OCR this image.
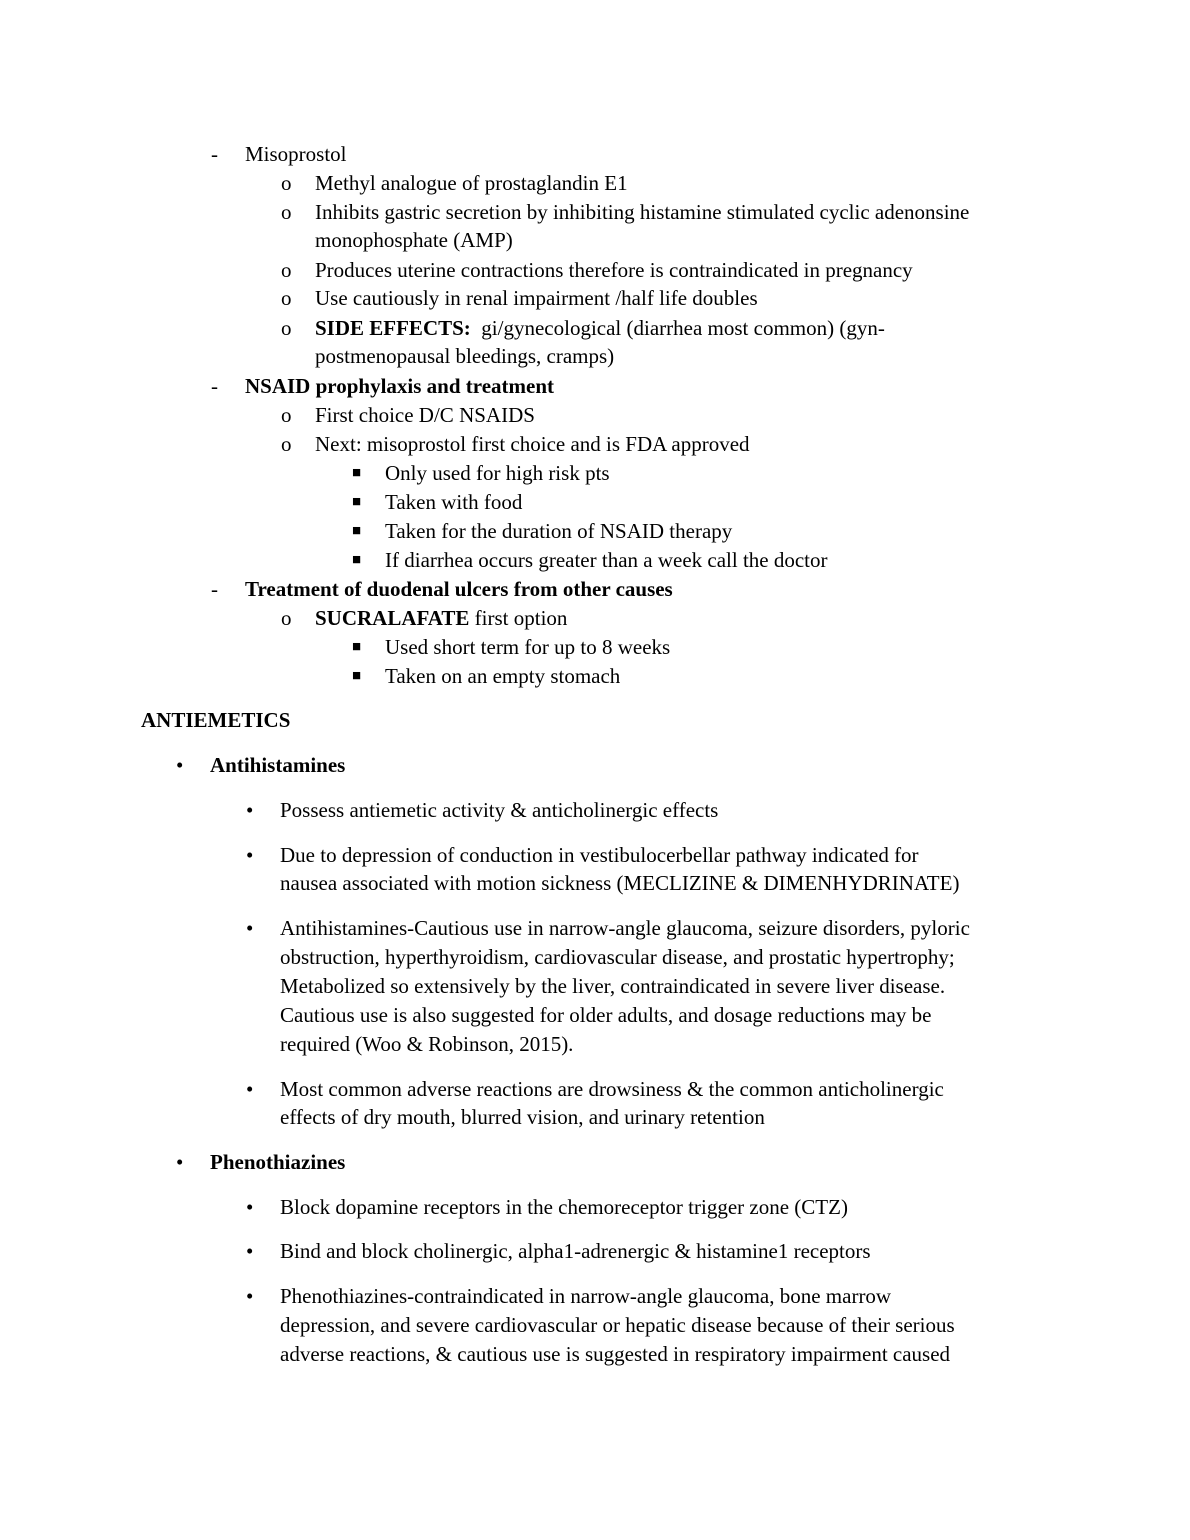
- Misoprostol
o Methyl analogue of prostaglandin E1
o Inhibits gastric secretion by inhibiting histamine stimulated cyclic adenonsine
monophosphate (AMP)
o Produces uterine contractions therefore is contraindicated in pregnancy
o Use cautiously in renal impairment /half life doubles
o SIDE EFFECTS: gi/gynecological (diarrhea most common) (gyn-
postmenopausal bleedings, cramps)
- NSAID prophylaxis and treatment
o First choice D/C NSAIDS
o Next: misoprostol first choice and is FDA approved
■ Only used for high risk pts
■ Taken with food
■ Taken for the duration of NSAID therapy
■ If diarrhea occurs greater than a week call the doctor
- Treatment of duodenal ulcers from other causes
o SUCRALAFATE first option
■ Used short term for up to 8 weeks
■ Taken on an empty stomach
ANTIEMETICS
• Antihistamines
• Possess antiemetic activity & anticholinergic effects
• Due to depression of conduction in vestibulocerbellar pathway indicated for
nausea associated with motion sickness (MECLIZINE & DIMENHYDRINATE)
• Antihistamines-Cautious use in narrow-angle glaucoma, seizure disorders, pyloric
obstruction, hyperthyroidism, cardiovascular disease, and prostatic hypertrophy;
Metabolized so extensively by the liver, contraindicated in severe liver disease.
Cautious use is also suggested for older adults, and dosage reductions may be
required (Woo & Robinson, 2015).
• Most common adverse reactions are drowsiness & the common anticholinergic
effects of dry mouth, blurred vision, and urinary retention
• Phenothiazines
• Block dopamine receptors in the chemoreceptor trigger zone (CTZ)
• Bind and block cholinergic, alpha1-adrenergic & histamine1 receptors
• Phenothiazines-contraindicated in narrow-angle glaucoma, bone marrow
depression, and severe cardiovascular or hepatic disease because of their serious
adverse reactions, & cautious use is suggested in respiratory impairment caused
